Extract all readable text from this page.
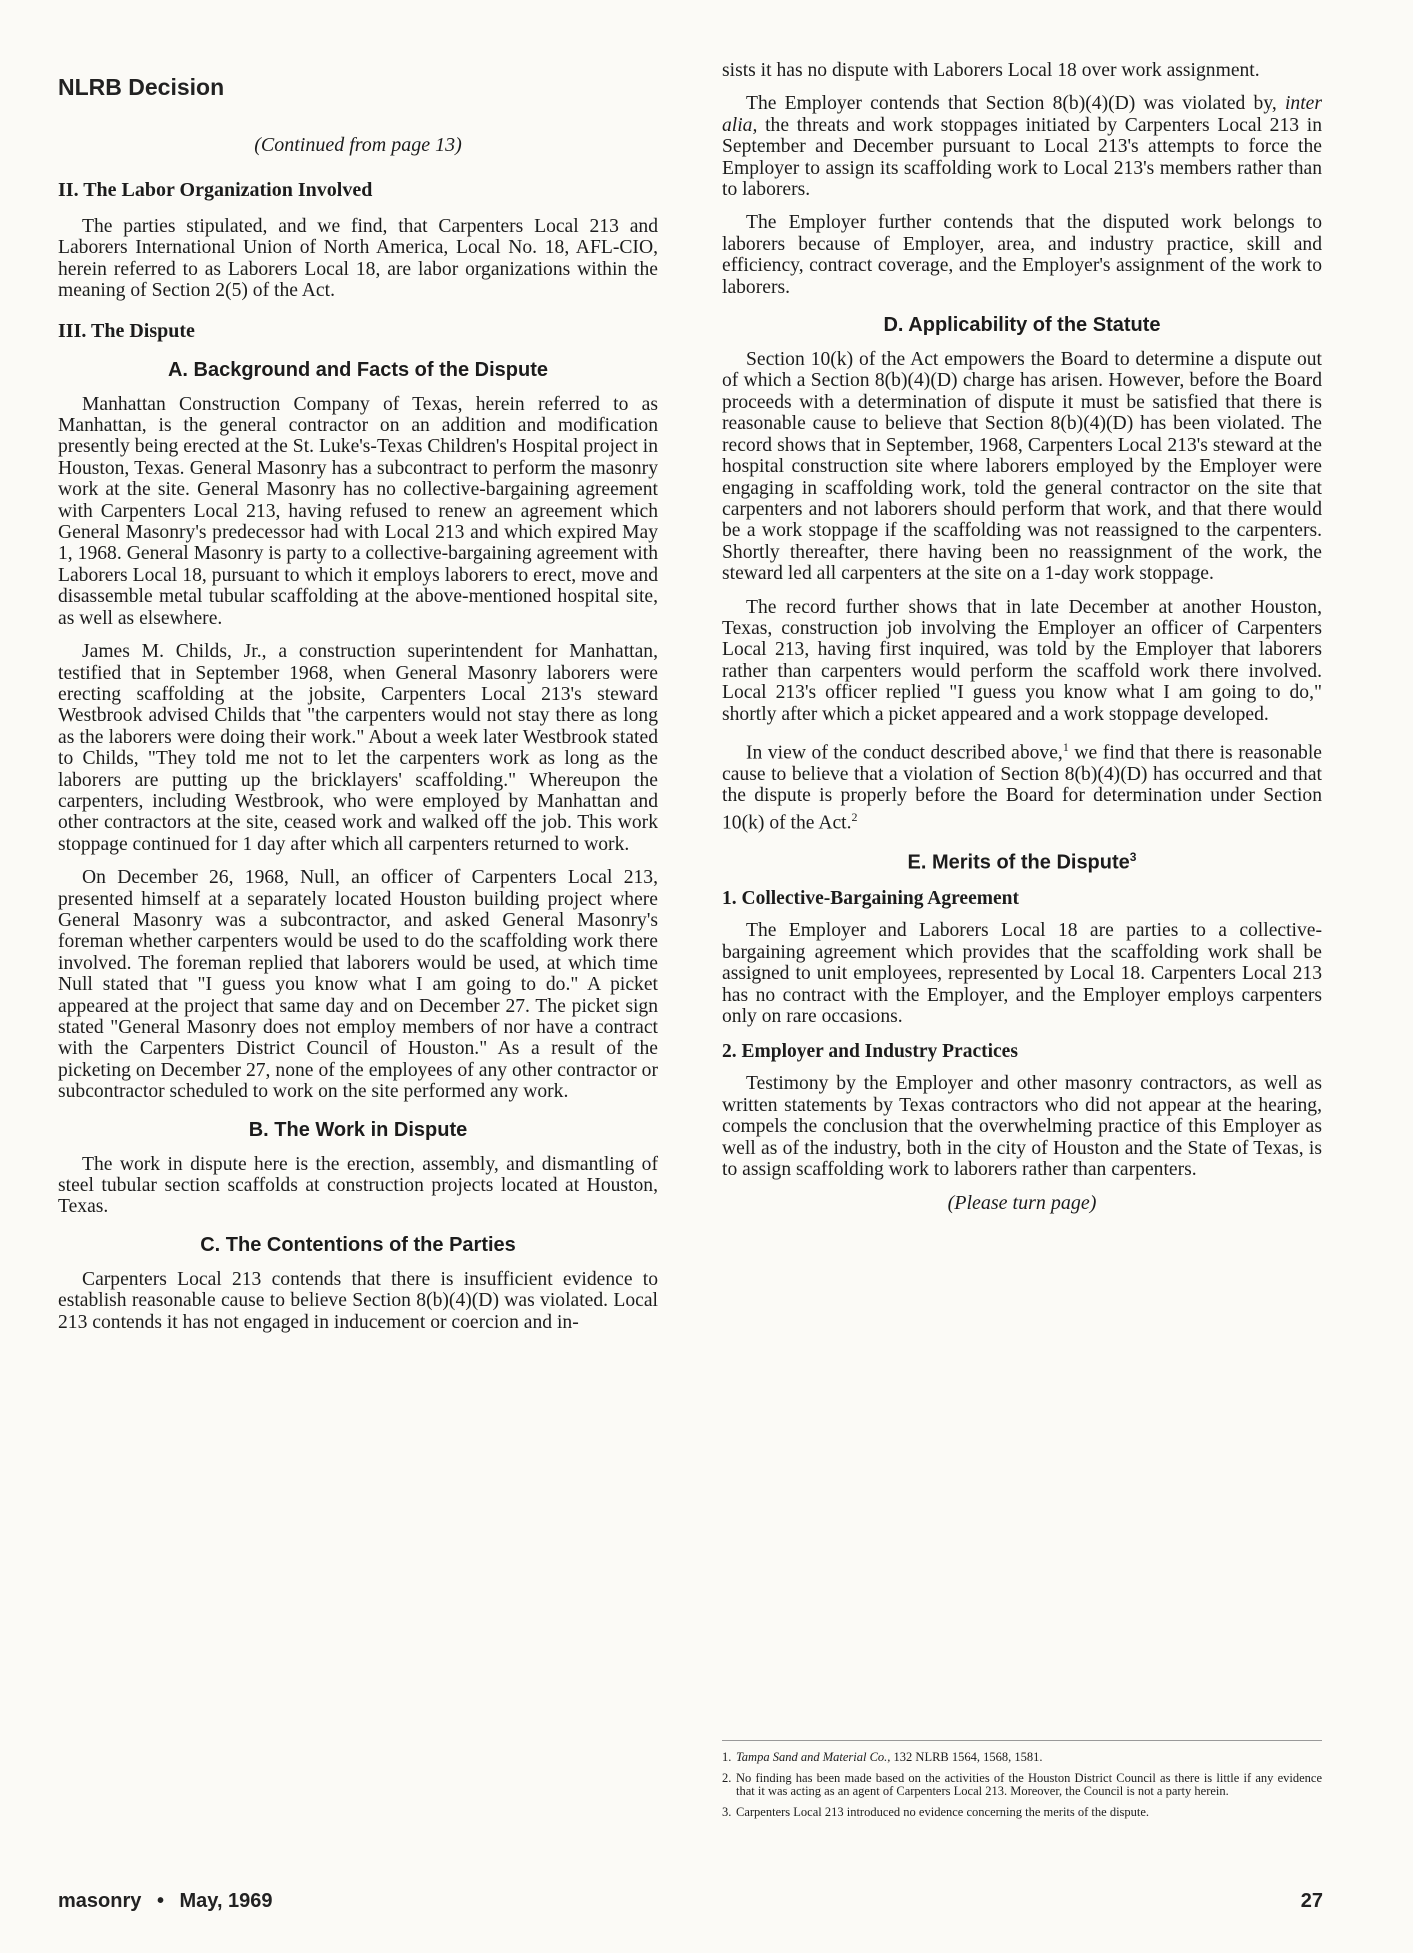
NLRB Decision
(Continued from page 13)
II. The Labor Organization Involved

The parties stipulated, and we find, that Carpenters Local 213 and Laborers International Union of North America, Local No. 18, AFL-CIO, herein referred to as Laborers Local 18, are labor organizations within the meaning of Section 2(5) of the Act.

III. The Dispute
A. Background and Facts of the Dispute

Manhattan Construction Company of Texas, herein referred to as Manhattan, is the general contractor on an addition and modification presently being erected at the St. Luke's-Texas Children's Hospital project in Houston, Texas. General Masonry has a subcontract to perform the masonry work at the site. General Masonry has no collective-bargaining agreement with Carpenters Local 213, having refused to renew an agreement which General Masonry's predecessor had with Local 213 and which expired May 1, 1968. General Masonry is party to a collective-bargaining agreement with Laborers Local 18, pursuant to which it employs laborers to erect, move and disassemble metal tubular scaffolding at the above-mentioned hospital site, as well as elsewhere.

James M. Childs, Jr., a construction superintendent for Manhattan, testified that in September 1968, when General Masonry laborers were erecting scaffolding at the jobsite, Carpenters Local 213's steward Westbrook advised Childs that "the carpenters would not stay there as long as the laborers were doing their work." About a week later Westbrook stated to Childs, "They told me not to let the carpenters work as long as the laborers are putting up the bricklayers' scaffolding." Whereupon the carpenters, including Westbrook, who were employed by Manhattan and other contractors at the site, ceased work and walked off the job. This work stoppage continued for 1 day after which all carpenters returned to work.

On December 26, 1968, Null, an officer of Carpenters Local 213, presented himself at a separately located Houston building project where General Masonry was a subcontractor, and asked General Masonry's foreman whether carpenters would be used to do the scaffolding work there involved. The foreman replied that laborers would be used, at which time Null stated that "I guess you know what I am going to do." A picket appeared at the project that same day and on December 27. The picket sign stated "General Masonry does not employ members of nor have a contract with the Carpenters District Council of Houston." As a result of the picketing on December 27, none of the employees of any other contractor or subcontractor scheduled to work on the site performed any work.

B. The Work in Dispute

The work in dispute here is the erection, assembly, and dismantling of steel tubular section scaffolds at construction projects located at Houston, Texas.

C. The Contentions of the Parties

Carpenters Local 213 contends that there is insufficient evidence to establish reasonable cause to believe Section 8(b)(4)(D) was violated. Local 213 contends it has not engaged in inducement or coercion and in-

sists it has no dispute with Laborers Local 18 over work assignment.

The Employer contends that Section 8(b)(4)(D) was violated by, inter alia, the threats and work stoppages initiated by Carpenters Local 213 in September and December pursuant to Local 213's attempts to force the Employer to assign its scaffolding work to Local 213's members rather than to laborers.

The Employer further contends that the disputed work belongs to laborers because of Employer, area, and industry practice, skill and efficiency, contract coverage, and the Employer's assignment of the work to laborers.

D. Applicability of the Statute

Section 10(k) of the Act empowers the Board to determine a dispute out of which a Section 8(b)(4)(D) charge has arisen. However, before the Board proceeds with a determination of dispute it must be satisfied that there is reasonable cause to believe that Section 8(b)(4)(D) has been violated. The record shows that in September, 1968, Carpenters Local 213's steward at the hospital construction site where laborers employed by the Employer were engaging in scaffolding work, told the general contractor on the site that carpenters and not laborers should perform that work, and that there would be a work stoppage if the scaffolding was not reassigned to the carpenters. Shortly thereafter, there having been no reassignment of the work, the steward led all carpenters at the site on a 1-day work stoppage.

The record further shows that in late December at another Houston, Texas, construction job involving the Employer an officer of Carpenters Local 213, having first inquired, was told by the Employer that laborers rather than carpenters would perform the scaffold work there involved. Local 213's officer replied "I guess you know what I am going to do," shortly after which a picket appeared and a work stoppage developed.

In view of the conduct described above,$^1$ we find that there is reasonable cause to believe that a violation of Section 8(b)(4)(D) has occurred and that the dispute is properly before the Board for determination under Section 10(k) of the Act.$^2$

E. Merits of the Dispute$^3$
1. Collective-Bargaining Agreement

The Employer and Laborers Local 18 are parties to a collective-bargaining agreement which provides that the scaffolding work shall be assigned to unit employees, represented by Local 18. Carpenters Local 213 has no contract with the Employer, and the Employer employs carpenters only on rare occasions.

2. Employer and Industry Practices

Testimony by the Employer and other masonry contractors, as well as written statements by Texas contractors who did not appear at the hearing, compels the conclusion that the overwhelming practice of this Employer as well as of the industry, both in the city of Houston and the State of Texas, is to assign scaffolding work to laborers rather than carpenters.

(Please turn page)
1. Tampa Sand and Material Co., 132 NLRB 1564, 1568, 1581.
2. No finding has been made based on the activities of the Houston District Council as there is little if any evidence that it was acting as an agent of Carpenters Local 213. Moreover, the Council is not a party herein.
3. Carpenters Local 213 introduced no evidence concerning the merits of the dispute.
masonry • May, 1969	27
